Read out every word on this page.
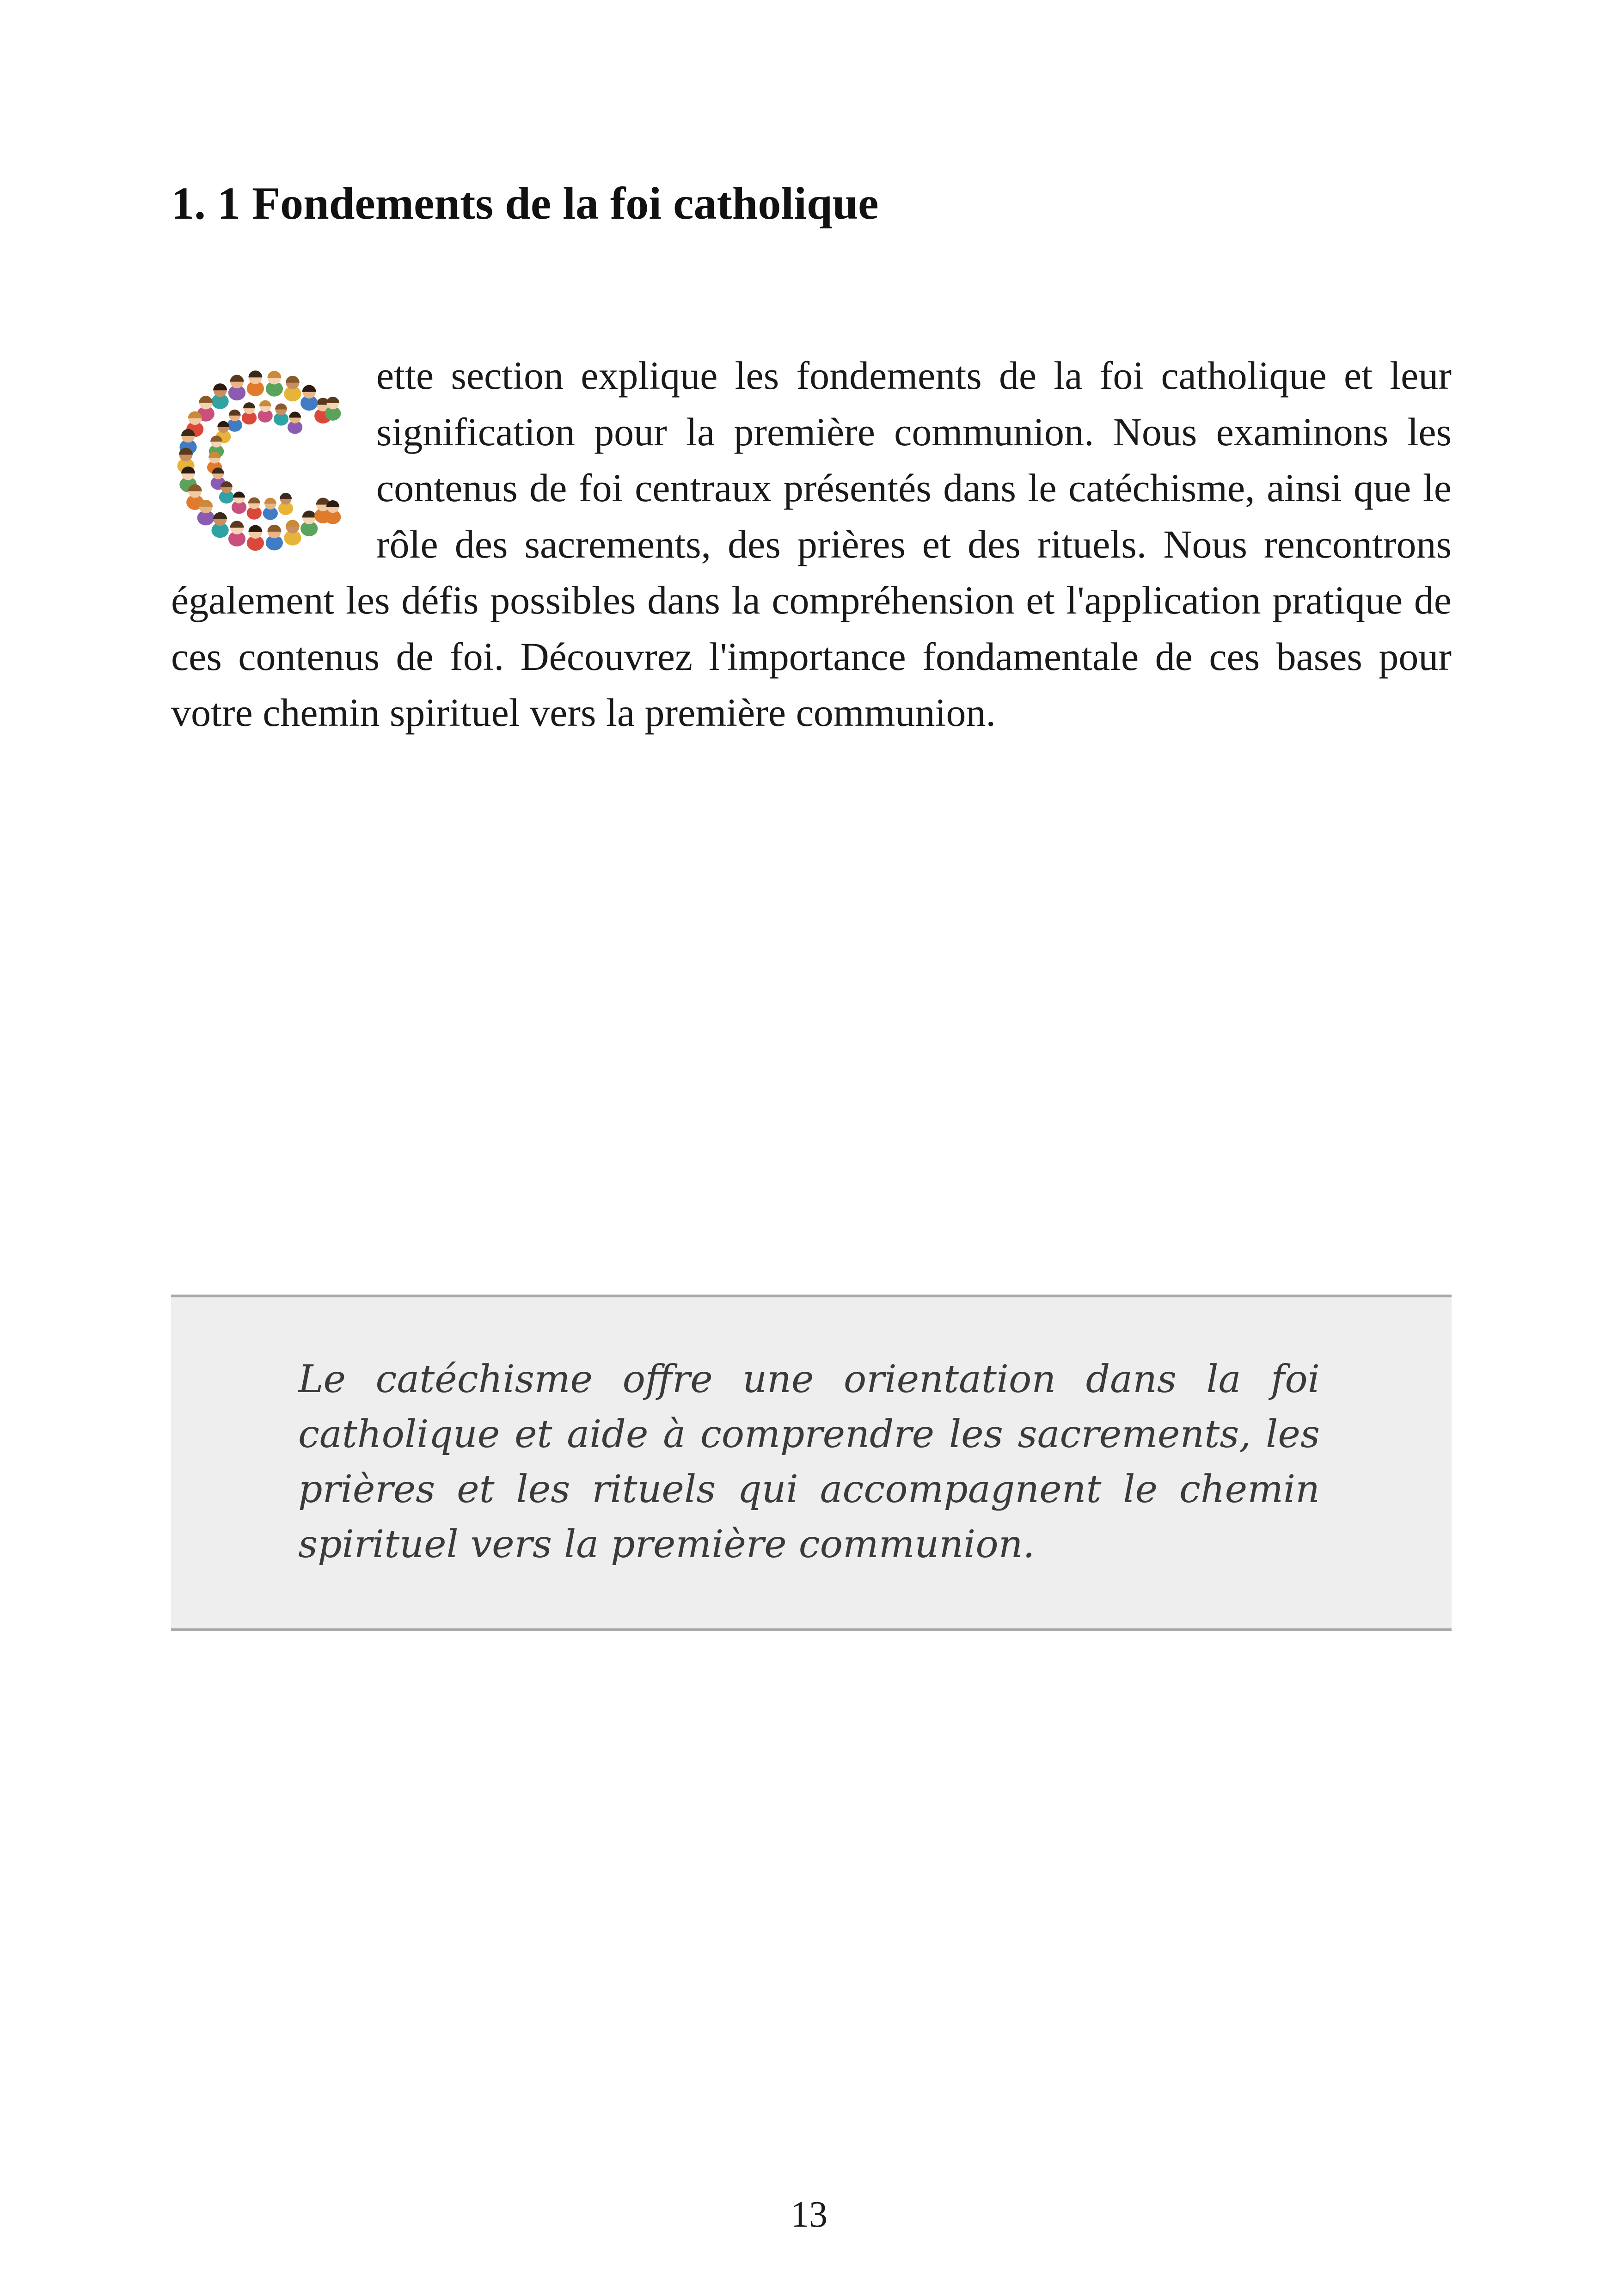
1. 1 Fondements de la foi catholique

ette section explique les fondements de la foi catholique et leur signification pour la première communion. Nous examinons les contenus de foi centraux présentés dans le catéchisme, ainsi que le rôle des sacrements, des prières et des rituels. Nous rencontrons également les défis possibles dans la compréhension et l'application pratique de ces contenus de foi. Découvrez l'importance fondamentale de ces bases pour votre chemin spirituel vers la première communion.

Le catéchisme offre une orientation dans la foi catholique et aide à comprendre les sacrements, les prières et les rituels qui accompagnent le chemin spirituel vers la première communion.

13
